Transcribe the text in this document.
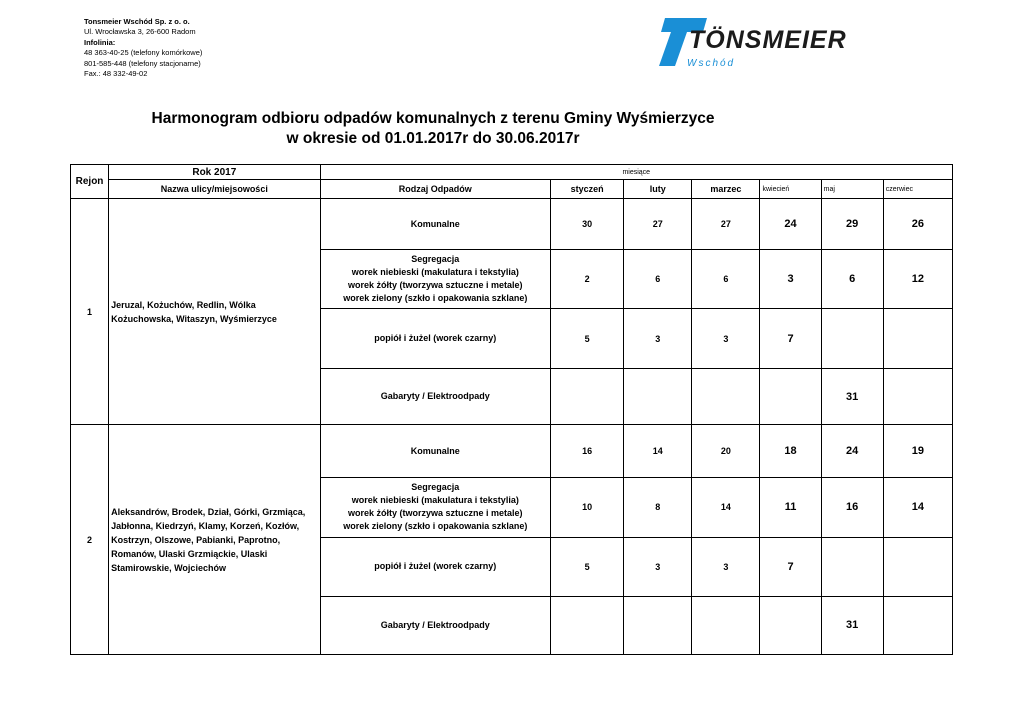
Tonsmeier Wschód Sp. z o. o.
Ul. Wrocławska 3, 26-600 Radom
Infolinia:
48 363-40-25 (telefony komórkowe)
801-585-448 (telefony stacjonarne)
Fax.: 48 332-49-02
TÖNSMEIER
Wschód
Harmonogram odbioru odpadów komunalnych z terenu Gminy Wyśmierzyce
w okresie od 01.01.2017r do 30.06.2017r
Rejon	Rok 2017	miesiące						
	Nazwa ulicy/miejsowości	Rodzaj Odpadów	styczeń	luty	marzec	kwiecień	maj	czerwiec
1	Jeruzal, Kożuchów, Redlin, Wólka Kożuchowska, Witaszyn, Wyśmierzyce	Komunalne	30	27	27	24	29	26

		Segregacja
worek niebieski (makulatura i tekstylia)
worek żółty (tworzywa sztuczne i metale)
worek zielony (szkło i opakowania szklane)	2	6	6	3	6	12
		popiół i żużel (worek czarny)	5	3	3	7		
		Gabaryty / Elektroodpady					31	
2	Aleksandrów, Brodek, Dział, Górki, Grzmiąca, Jabłonna, Kiedrzyń, Klamy, Korzeń, Kozłów, Kostrzyn, Olszowe, Pabianki, Paprotno, Romanów, Ulaski Grzmiąckie, Ulaski Stamirowskie, Wojciechów	Komunalne	16	14	20	18	24	19

		Segregacja
worek niebieski (makulatura i tekstylia)
worek żółty (tworzywa sztuczne i metale)
worek zielony (szkło i opakowania szklane)	10	8	14	11	16	14
		popiół i żużel (worek czarny)	5	3	3	7		
		Gabaryty / Elektroodpady					31	
